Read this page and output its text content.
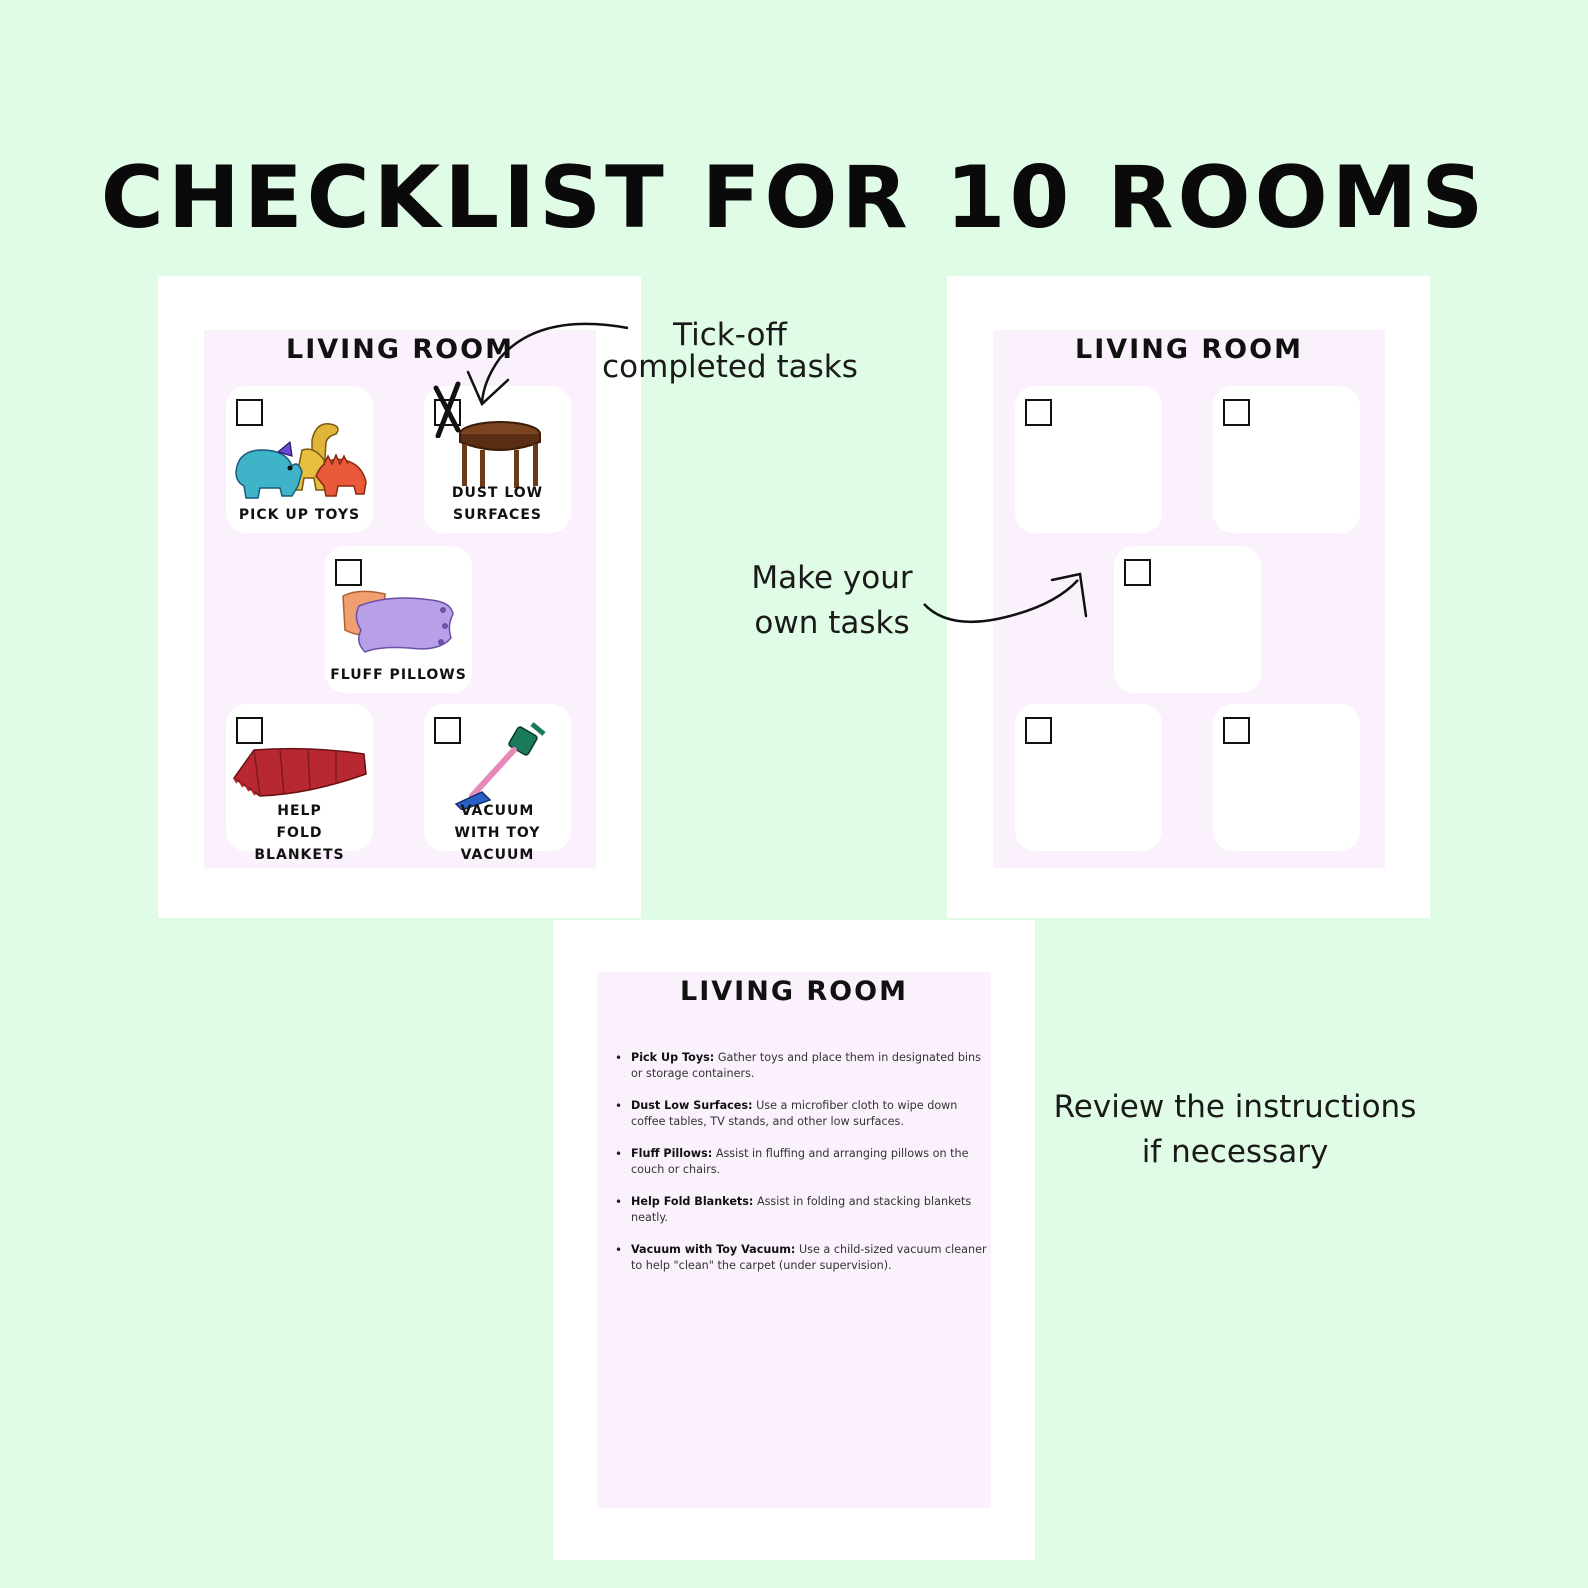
CHECKLIST FOR 10 ROOMS
LIVING ROOM
PICK UP TOYS
DUST LOW SURFACES
FLUFF PILLOWS
HELP FOLD BLANKETS
VACUUM WITH TOY VACUUM
LIVING ROOM
LIVING ROOM
• Pick Up Toys: Gather toys and place them in designated bins or storage containers.
• Dust Low Surfaces: Use a microfiber cloth to wipe down coffee tables, TV stands, and other low surfaces.
• Fluff Pillows: Assist in fluffing and arranging pillows on the couch or chairs.
• Help Fold Blankets: Assist in folding and stacking blankets neatly.
• Vacuum with Toy Vacuum: Use a child-sized vacuum cleaner to help "clean" the carpet (under supervision).
Tick-off
completed tasks
Make your
own tasks
Review the instructions
if necessary
